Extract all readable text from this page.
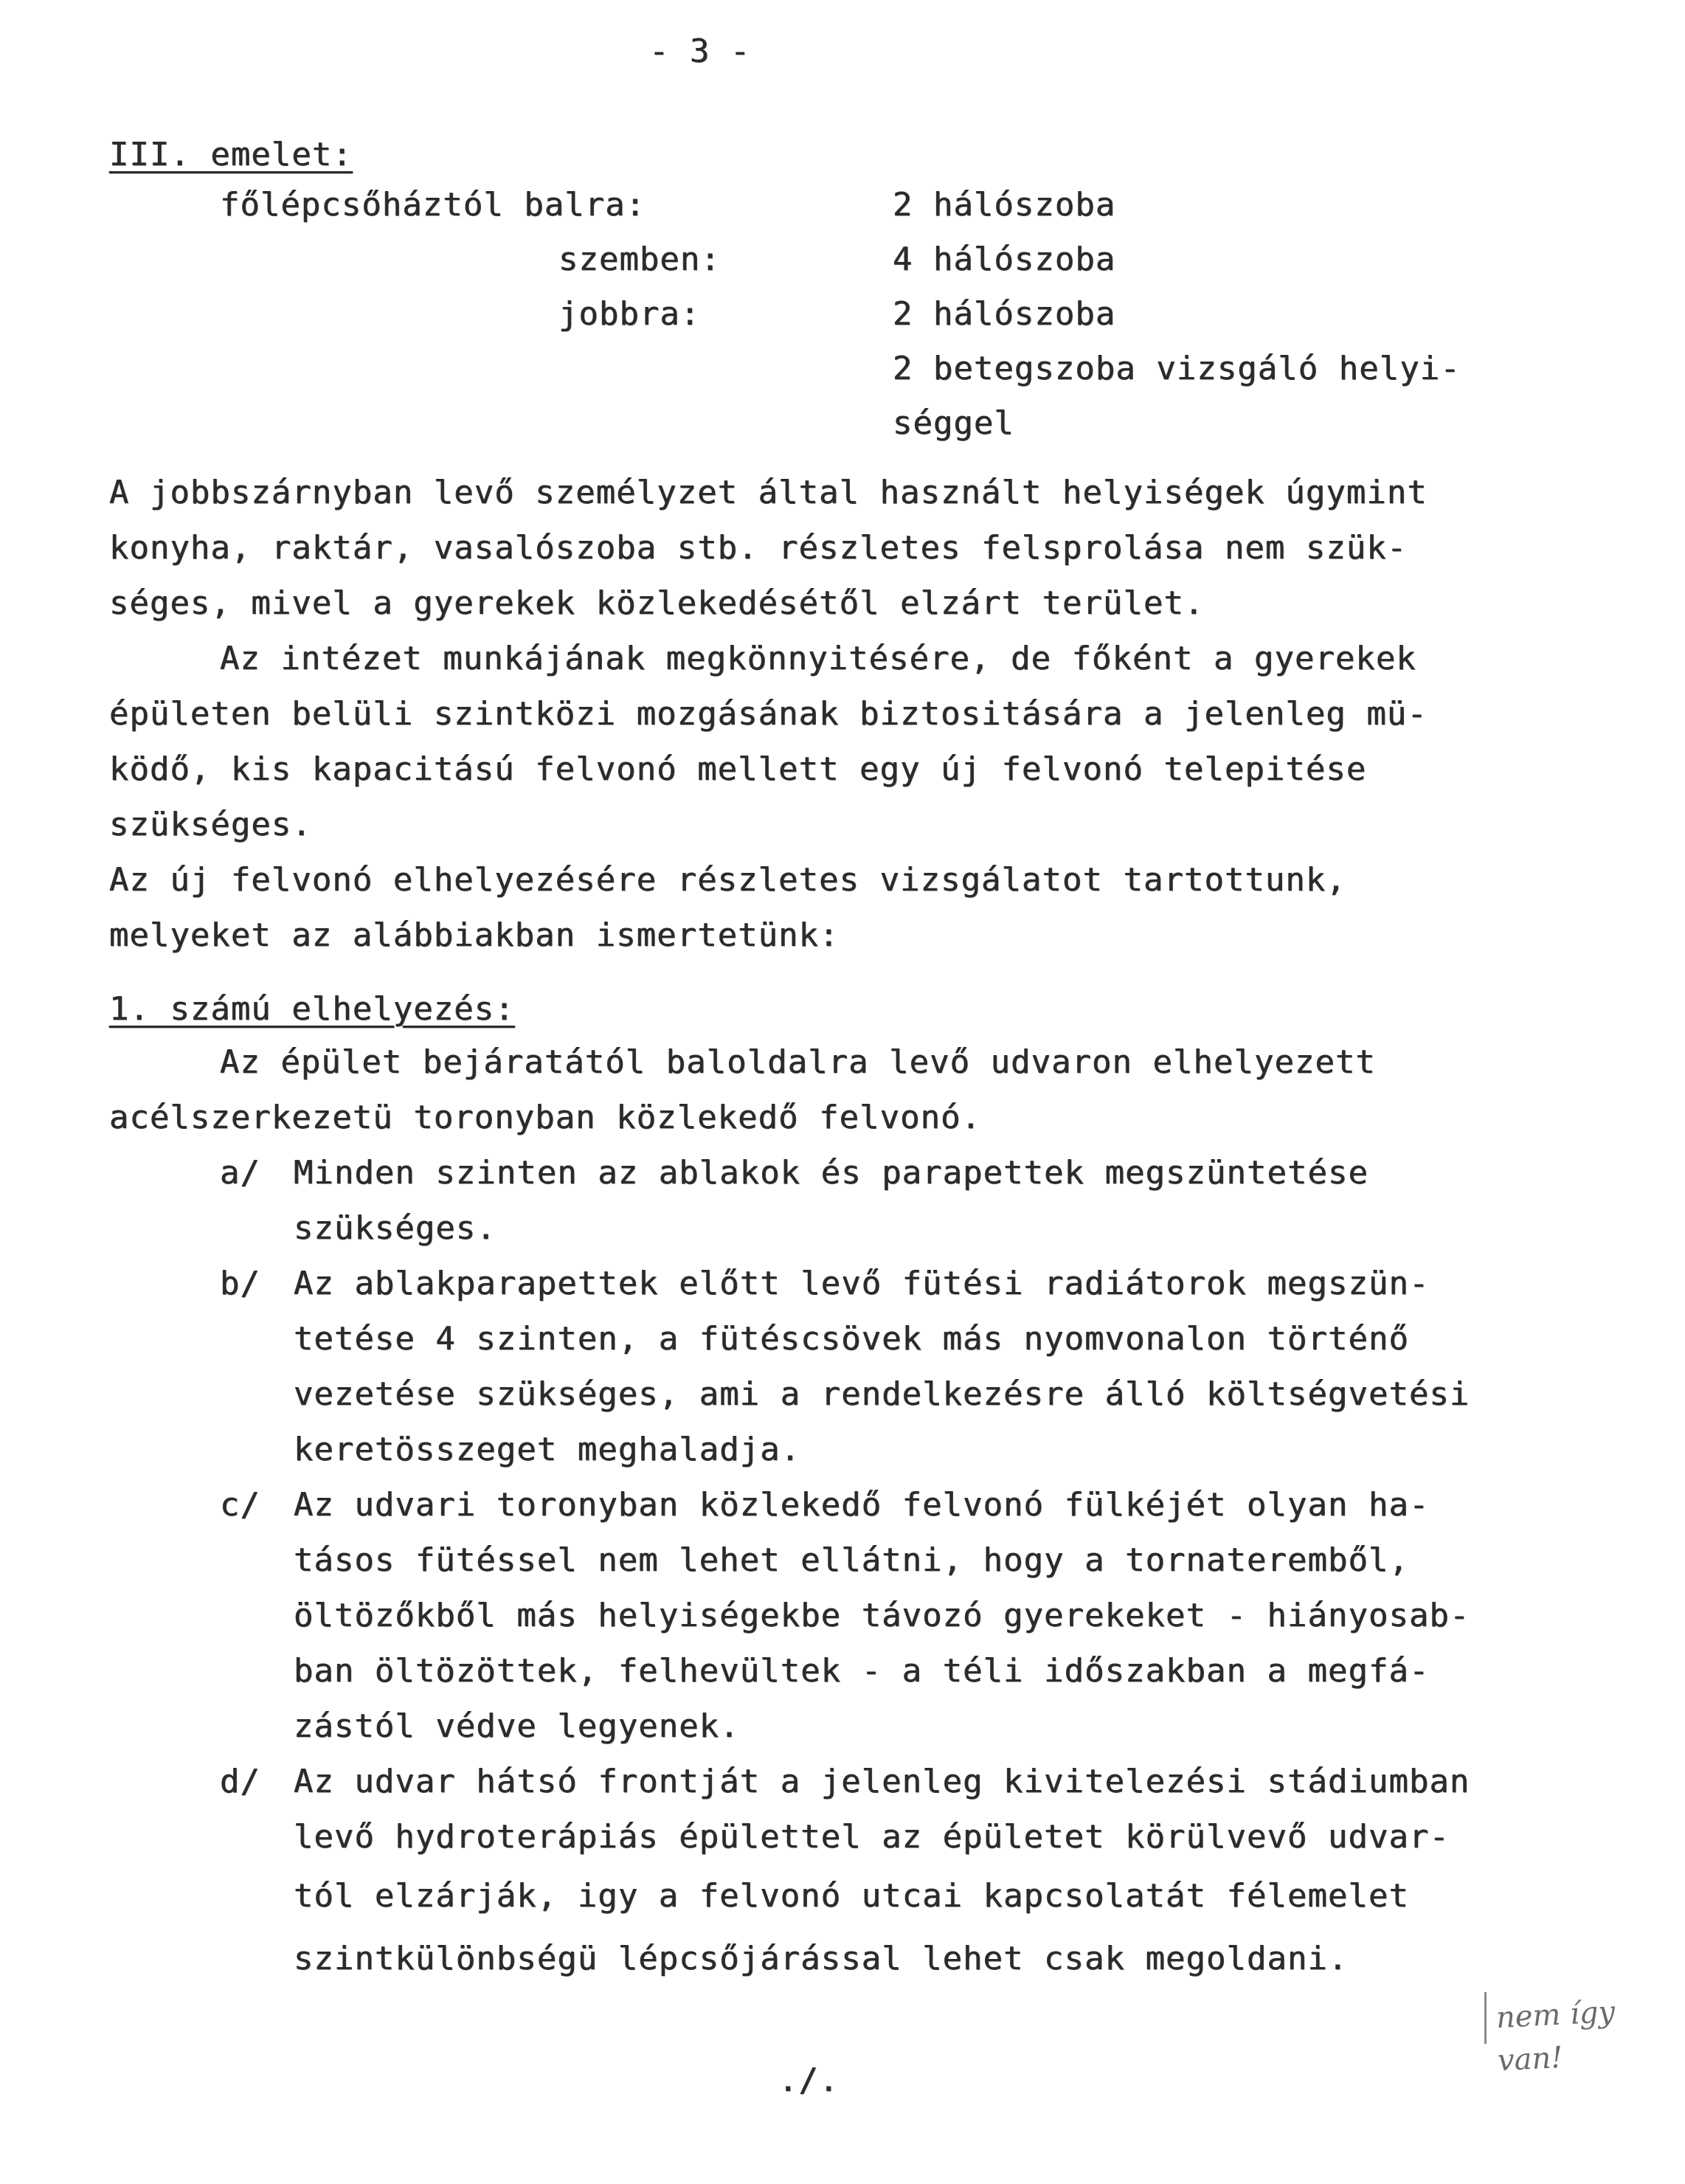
- 3 -
III. emelet:
főlépcsőháztól balra:	2 hálószoba
szemben:	4 hálószoba
jobbra:	2 hálószoba
2 betegszoba vizsgáló helyi-
séggel
A jobbszárnyban levő személyzet által használt helyiségek úgymint
konyha, raktár, vasalószoba stb. részletes felsprolása nem szük-
séges, mivel a gyerekek közlekedésétől elzárt terület.
Az intézet munkájának megkönnyitésére, de főként a gyerekek
épületen belüli szintközi mozgásának biztositására a jelenleg mü-
ködő, kis kapacitású felvonó mellett egy új felvonó telepitése
szükséges.
Az új felvonó elhelyezésére részletes vizsgálatot tartottunk,
melyeket az alábbiakban ismertetünk:
1. számú elhelyezés:
Az épület bejáratától baloldalra levő udvaron elhelyezett
acélszerkezetü toronyban közlekedő felvonó.
a/ Minden szinten az ablakok és parapettek megszüntetése
szükséges.
b/ Az ablakparapettek előtt levő fütési radiátorok megszün-
tetése 4 szinten, a fütéscsövek más nyomvonalon történő
vezetése szükséges, ami a rendelkezésre álló költségvetési
keretösszeget meghaladja.
c/ Az udvari toronyban közlekedő felvonó fülkéjét olyan ha-
tásos fütéssel nem lehet ellátni, hogy a tornateremből,
öltözőkből más helyiségekbe távozó gyerekeket - hiányosab-
ban öltözöttek, felhevültek - a téli időszakban a megfá-
zástól védve legyenek.
d/ Az udvar hátsó frontját a jelenleg kivitelezési stádiumban
levő hydroterápiás épülettel az épületet körülvevő udvar-
tól elzárják, igy a felvonó utcai kapcsolatát félemelet
szintkülönbségü lépcsőjárással lehet csak megoldani.
nem így
van!
./.
